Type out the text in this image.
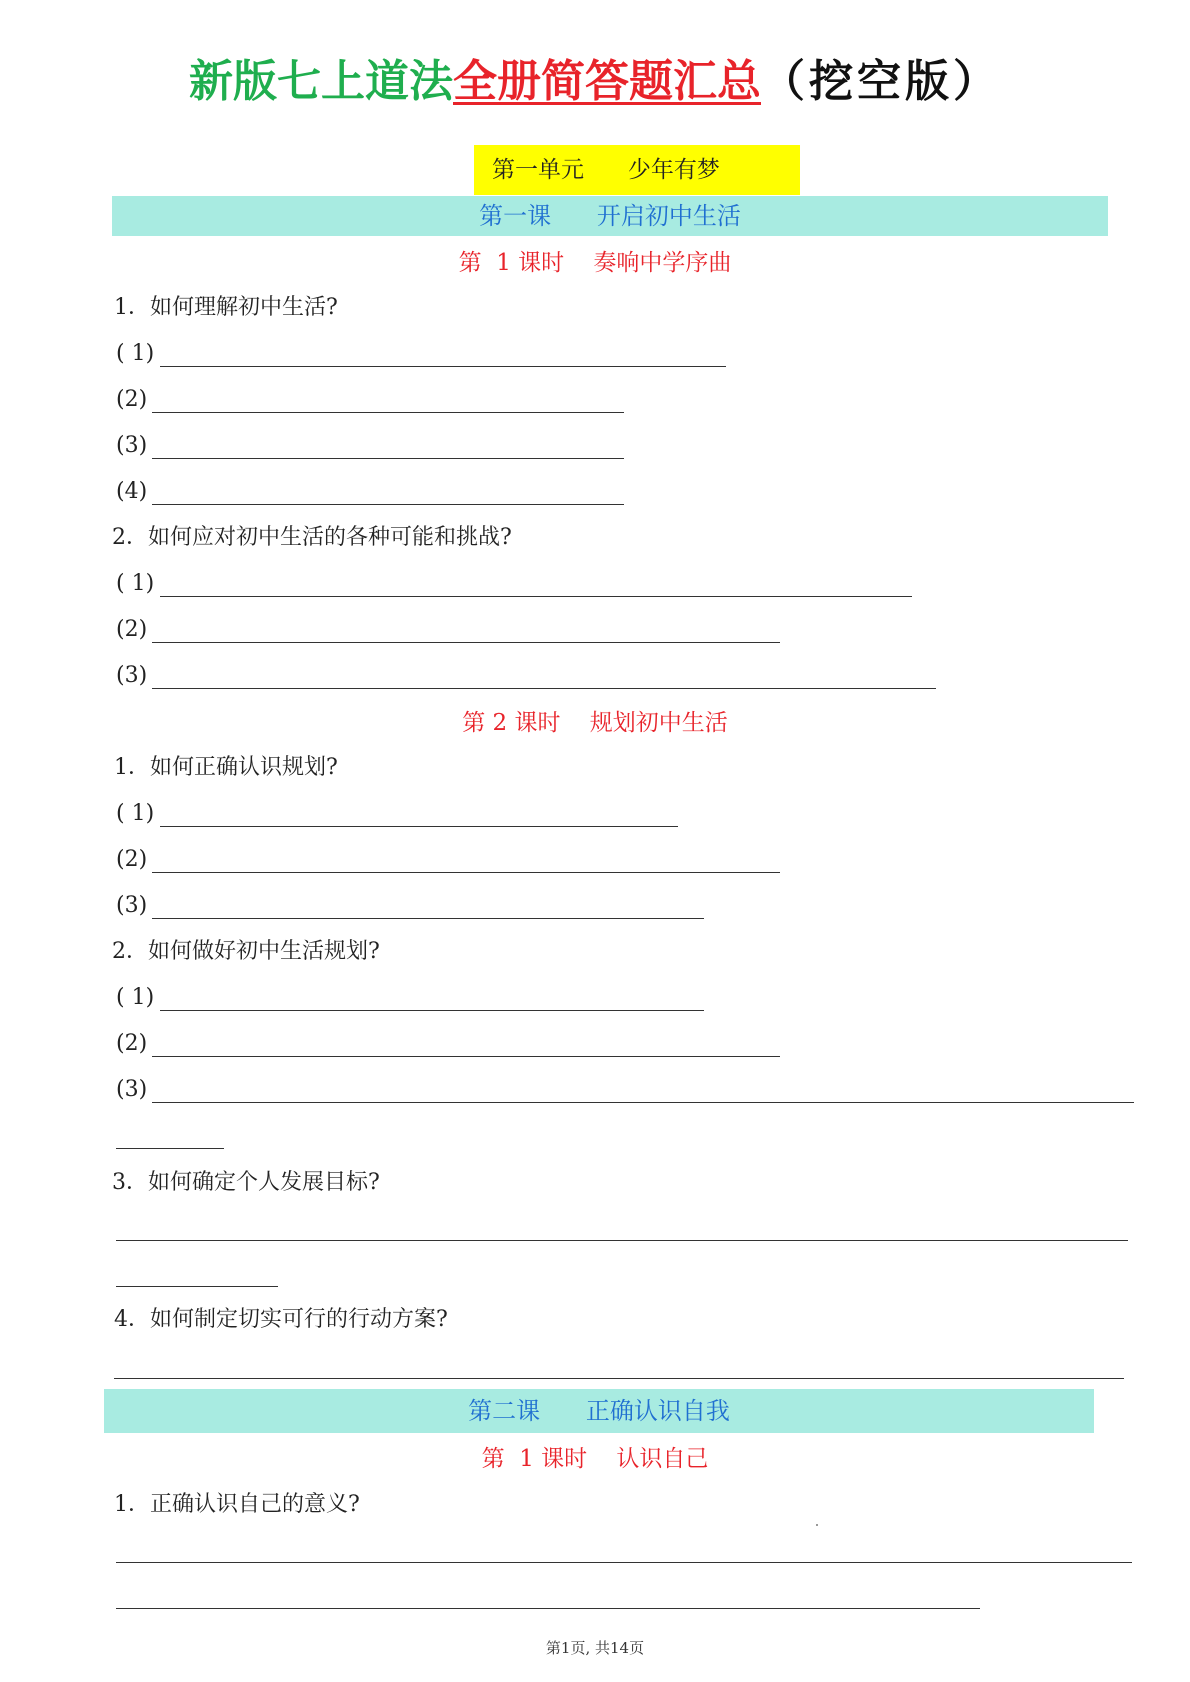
新版七上道法全册简答题汇总（挖空版）
第一单元      少年有梦
第一课      开启初中生活
第  1 课时    奏响中学序曲
1．如何理解初中生活?
( 1)
(2)
(3)
(4)
2．如何应对初中生活的各种可能和挑战?
( 1)
(2)
(3)
第 2 课时    规划初中生活
1．如何正确认识规划?
( 1)
(2)
(3)
2．如何做好初中生活规划?
( 1)
(2)
(3)
3．如何确定个人发展目标?
4．如何制定切实可行的行动方案?
第二课      正确认识自我
第  1 课时    认识自己
1．正确认识自己的意义?
第1页, 共14页
